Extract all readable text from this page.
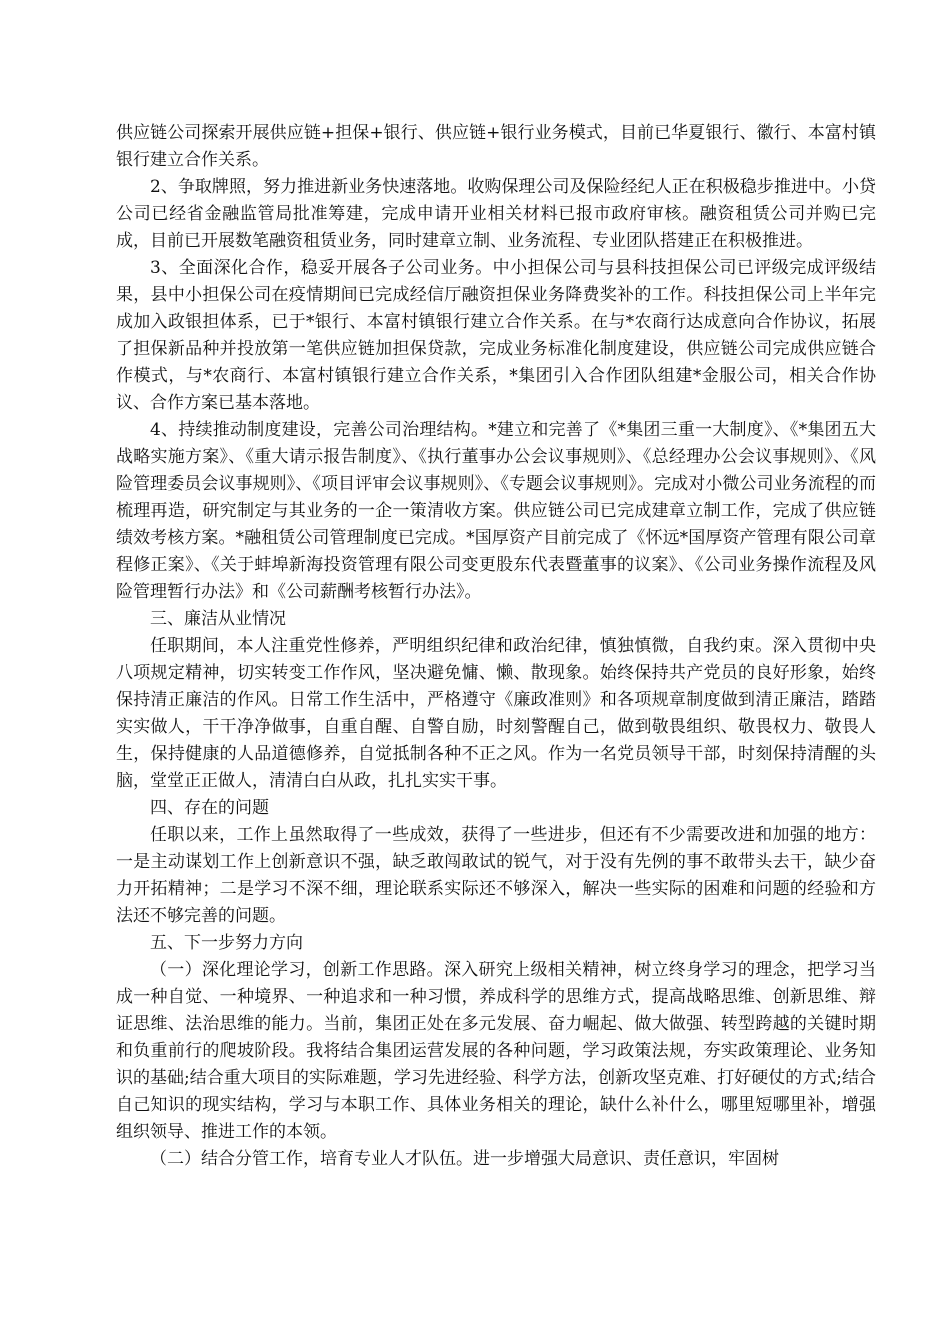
供应链公司探索开展供应链+担保+银行、供应链+银行业务模式，目前已华夏银行、徽行、本富村镇银行建立合作关系。

2、争取牌照，努力推进新业务快速落地。收购保理公司及保险经纪人正在积极稳步推进中。小贷公司已经省金融监管局批准筹建，完成申请开业相关材料已报市政府审核。融资租赁公司并购已完成，目前已开展数笔融资租赁业务，同时建章立制、业务流程、专业团队搭建正在积极推进。

3、全面深化合作，稳妥开展各子公司业务。中小担保公司与县科技担保公司已评级完成评级结果，县中小担保公司在疫情期间已完成经信厅融资担保业务降费奖补的工作。科技担保公司上半年完成加入政银担体系，已于*银行、本富村镇银行建立合作关系。在与*农商行达成意向合作协议，拓展了担保新品种并投放第一笔供应链加担保贷款，完成业务标准化制度建设，供应链公司完成供应链合作模式，与*农商行、本富村镇银行建立合作关系，*集团引入合作团队组建*金服公司，相关合作协议、合作方案已基本落地。

4、持续推动制度建设，完善公司治理结构。*建立和完善了《*集团三重一大制度》、《*集团五大战略实施方案》、《重大请示报告制度》、《执行董事办公会议事规则》、《总经理办公会议事规则》、《风险管理委员会议事规则》、《项目评审会议事规则》、《专题会议事规则》。完成对小微公司业务流程的而梳理再造，研究制定与其业务的一企一策清收方案。供应链公司已完成建章立制工作，完成了供应链绩效考核方案。*融租赁公司管理制度已完成。*国厚资产目前完成了《怀远*国厚资产管理有限公司章程修正案》、《关于蚌埠新海投资管理有限公司变更股东代表暨董事的议案》、《公司业务操作流程及风险管理暂行办法》和《公司薪酬考核暂行办法》。

三、廉洁从业情况

任职期间，本人注重党性修养，严明组织纪律和政治纪律，慎独慎微，自我约束。深入贯彻中央八项规定精神，切实转变工作作风，坚决避免慵、懒、散现象。始终保持共产党员的良好形象，始终保持清正廉洁的作风。日常工作生活中，严格遵守《廉政准则》和各项规章制度做到清正廉洁，踏踏实实做人，干干净净做事，自重自醒、自警自励，时刻警醒自己，做到敬畏组织、敬畏权力、敬畏人生，保持健康的人品道德修养，自觉抵制各种不正之风。作为一名党员领导干部，时刻保持清醒的头脑，堂堂正正做人，清清白白从政，扎扎实实干事。

四、存在的问题

任职以来，工作上虽然取得了一些成效，获得了一些进步，但还有不少需要改进和加强的地方：一是主动谋划工作上创新意识不强，缺乏敢闯敢试的锐气，对于没有先例的事不敢带头去干，缺少奋力开拓精神；二是学习不深不细，理论联系实际还不够深入，解决一些实际的困难和问题的经验和方法还不够完善的问题。

五、下一步努力方向

（一）深化理论学习，创新工作思路。深入研究上级相关精神，树立终身学习的理念，把学习当成一种自觉、一种境界、一种追求和一种习惯，养成科学的思维方式，提高战略思维、创新思维、辩证思维、法治思维的能力。当前，集团正处在多元发展、奋力崛起、做大做强、转型跨越的关键时期和负重前行的爬坡阶段。我将结合集团运营发展的各种问题，学习政策法规，夯实政策理论、业务知识的基础;结合重大项目的实际难题，学习先进经验、科学方法，创新攻坚克难、打好硬仗的方式;结合自己知识的现实结构，学习与本职工作、具体业务相关的理论，缺什么补什么，哪里短哪里补，增强组织领导、推进工作的本领。

（二）结合分管工作，培育专业人才队伍。进一步增强大局意识、责任意识，牢固树
